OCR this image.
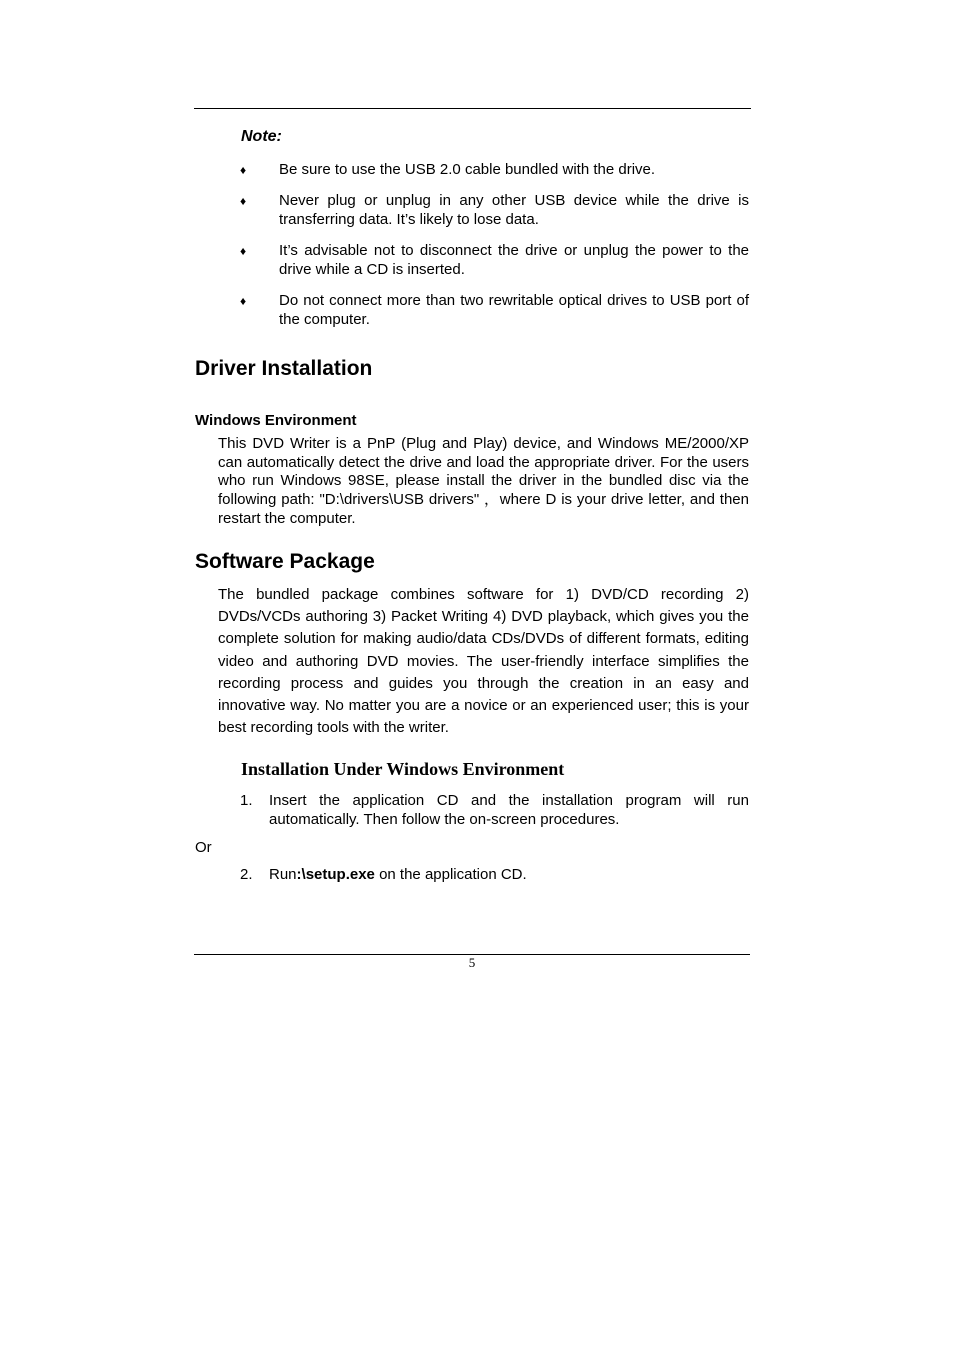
Note:
♦ Be sure to use the USB 2.0 cable bundled with the drive.
♦ Never plug or unplug in any other USB device while the drive is transferring data. It’s likely to lose data.
♦ It’s advisable not to disconnect the drive or unplug the power to the drive while a CD is inserted.
♦ Do not connect more than two rewritable optical drives to USB port of the computer.
Driver Installation
Windows Environment
This DVD Writer is a PnP (Plug and Play) device, and Windows ME/2000/XP can automatically detect the drive and load the appropriate driver. For the users who run Windows 98SE, please install the driver in the bundled disc via the following path: "D:\drivers\USB drivers" ，where D is your drive letter, and then restart the computer.
Software Package
The bundled package combines software for 1) DVD/CD recording 2) DVDs/VCDs authoring 3) Packet Writing 4) DVD playback, which gives you the complete solution for making audio/data CDs/DVDs of different formats, editing video and authoring DVD movies. The user-friendly interface simplifies the recording process and guides you through the creation in an easy and innovative way. No matter you are a novice or an experienced user; this is your best recording tools with the writer.
Installation Under Windows Environment
1. Insert the application CD and the installation program will run automatically. Then follow the on-screen procedures.
Or
2. Run:\setup.exe on the application CD.
5
